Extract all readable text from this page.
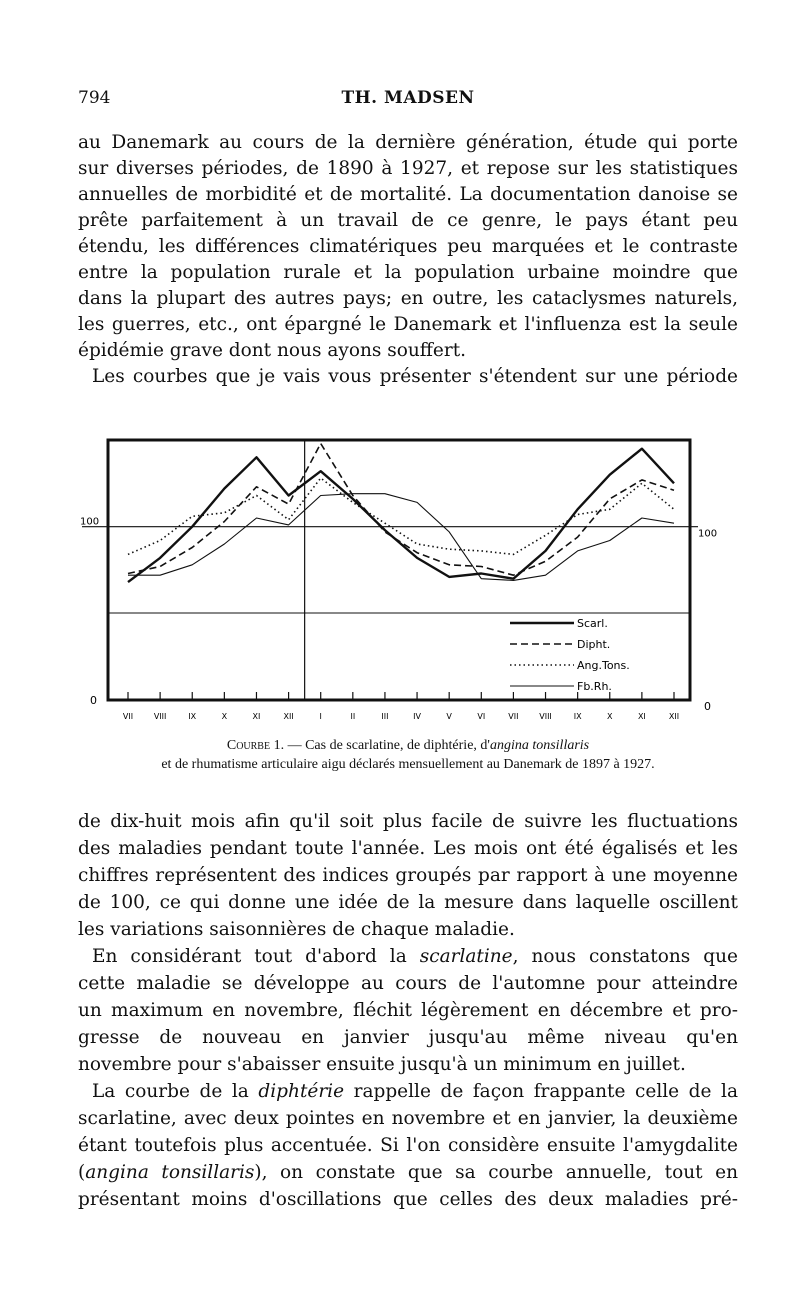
794	TH. MADSEN
au Danemark au cours de la dernière génération, étude qui porte
sur diverses périodes, de 1890 à 1927, et repose sur les statistiques
annuelles de morbidité et de mortalité. La documentation danoise se
prête parfaitement à un travail de ce genre, le pays étant peu
étendu, les différences climatériques peu marquées et le contraste
entre la population rurale et la population urbaine moindre que
dans la plupart des autres pays; en outre, les cataclysmes naturels,
les guerres, etc., ont épargné le Danemark et l'influenza est la seule
épidémie grave dont nous ayons souffert.
Les courbes que je vais vous présenter s'étendent sur une période
100
100
0	0
VII	VIII	IX	X	XI	XII	I	II	III	IV	V	VI	VII	VIII	IX	X	XI	XII
Scarl.
Dipht.
Ang.Tons.
Fb.Rh.
Courbe 1. — Cas de scarlatine, de diphtérie, d'angina tonsillaris
et de rhumatisme articulaire aigu déclarés mensuellement au Danemark de 1897 à 1927.
de dix-huit mois afin qu'il soit plus facile de suivre les fluctuations
des maladies pendant toute l'année. Les mois ont été égalisés et les
chiffres représentent des indices groupés par rapport à une moyenne
de 100, ce qui donne une idée de la mesure dans laquelle oscillent
les variations saisonnières de chaque maladie.
En considérant tout d'abord la scarlatine, nous constatons que
cette maladie se développe au cours de l'automne pour atteindre
un maximum en novembre, fléchit légèrement en décembre et pro-
gresse de nouveau en janvier jusqu'au même niveau qu'en
novembre pour s'abaisser ensuite jusqu'à un minimum en juillet.
La courbe de la diphtérie rappelle de façon frappante celle de la
scarlatine, avec deux pointes en novembre et en janvier, la deuxième
étant toutefois plus accentuée. Si l'on considère ensuite l'amygdalite
(angina tonsillaris), on constate que sa courbe annuelle, tout en
présentant moins d'oscillations que celles des deux maladies pré-
